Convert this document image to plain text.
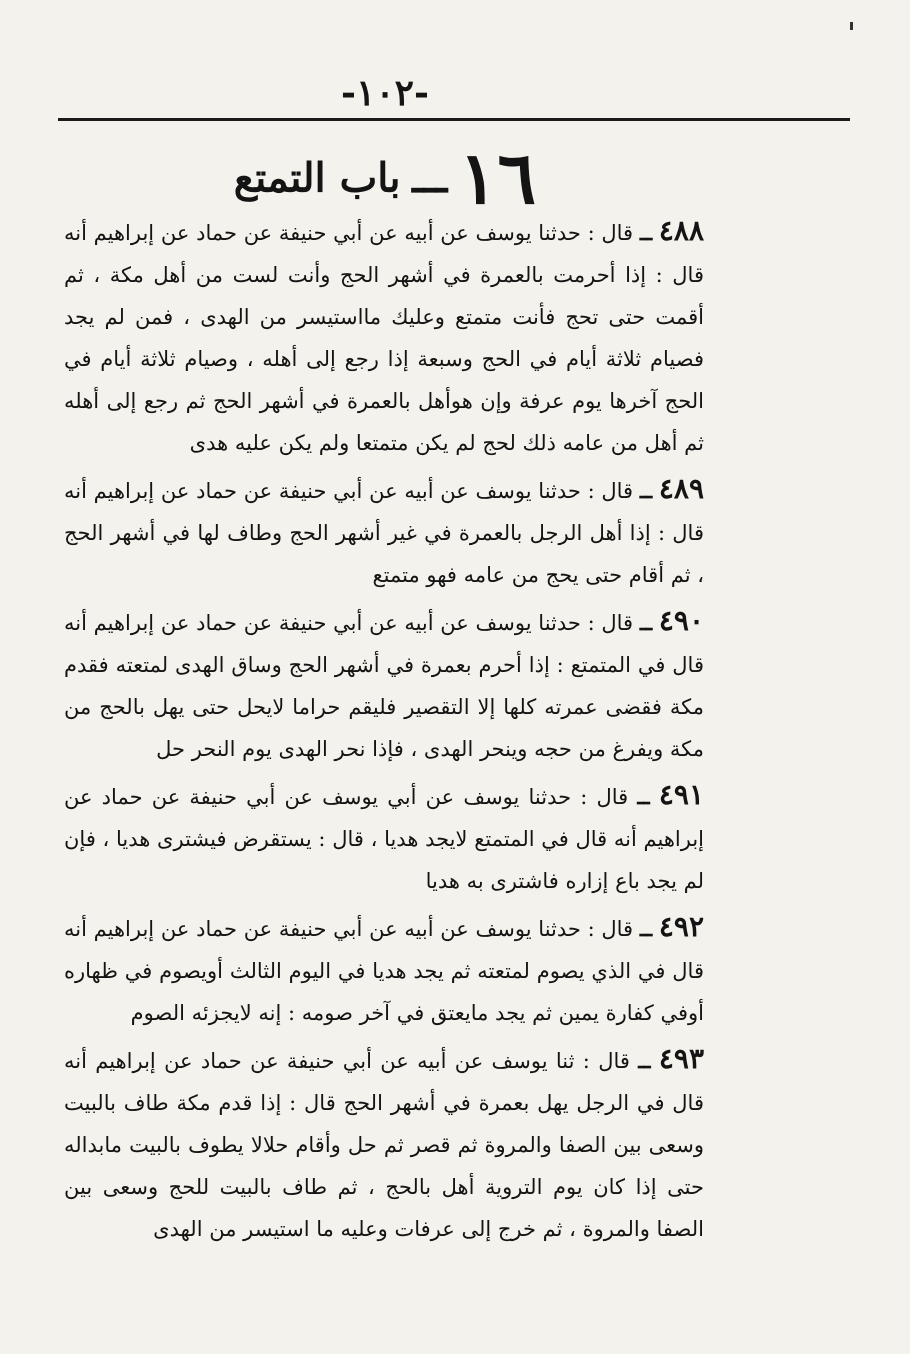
-١٠٢-
١٦ ـــ باب التمتع

٤٨٨ ــ قال : حدثنا يوسف عن أبيه عن أبي حنيفة عن حماد عن إبراهيم أنه قال : إذا أحرمت بالعمرة في أشهر الحج وأنت لست من أهل مكة ، ثم أقمت حتى تحج فأنت متمتع وعليك مااستيسر من الهدى ، فمن لم يجد فصيام ثلاثة أيام في الحج وسبعة إذا رجع إلى أهله ، وصيام ثلاثة أيام في الحج آخرها يوم عرفة وإن هوأهل بالعمرة في أشهر الحج ثم رجع إلى أهله ثم أهل من عامه ذلك لحج لم يكن متمتعا ولم يكن عليه هدى

٤٨٩ ــ قال : حدثنا يوسف عن أبيه عن أبي حنيفة عن حماد عن إبراهيم أنه قال : إذا أهل الرجل بالعمرة في غير أشهر الحج وطاف لها في أشهر الحج ، ثم أقام حتى يحج من عامه فهو متمتع

٤٩٠ ــ قال : حدثنا يوسف عن أبيه عن أبي حنيفة عن حماد عن إبراهيم أنه قال في المتمتع : إذا أحرم بعمرة في أشهر الحج وساق الهدى لمتعته فقدم مكة فقضى عمرته كلها إلا التقصير فليقم حراما لايحل حتى يهل بالحج من مكة ويفرغ من حجه وينحر الهدى ، فإذا نحر الهدى يوم النحر حل

٤٩١ ــ قال : حدثنا يوسف عن أبي يوسف عن أبي حنيفة عن حماد عن إبراهيم أنه قال في المتمتع لايجد هديا ، قال : يستقرض فيشترى هديا ، فإن لم يجد باع إزاره فاشترى به هديا

٤٩٢ ــ قال : حدثنا يوسف عن أبيه عن أبي حنيفة عن حماد عن إبراهيم أنه قال في الذي يصوم لمتعته ثم يجد هديا في اليوم الثالث أويصوم في ظهاره أوفي كفارة يمين ثم يجد مايعتق في آخر صومه : إنه لايجزئه الصوم

٤٩٣ ــ قال : ثنا يوسف عن أبيه عن أبي حنيفة عن حماد عن إبراهيم أنه قال في الرجل يهل بعمرة في أشهر الحج قال : إذا قدم مكة طاف بالبيت وسعى بين الصفا والمروة ثم قصر ثم حل وأقام حلالا يطوف بالبيت مابداله حتى إذا كان يوم التروية أهل بالحج ، ثم طاف بالبيت للحج وسعى بين الصفا والمروة ، ثم خرج إلى عرفات وعليه ما استيسر من الهدى
